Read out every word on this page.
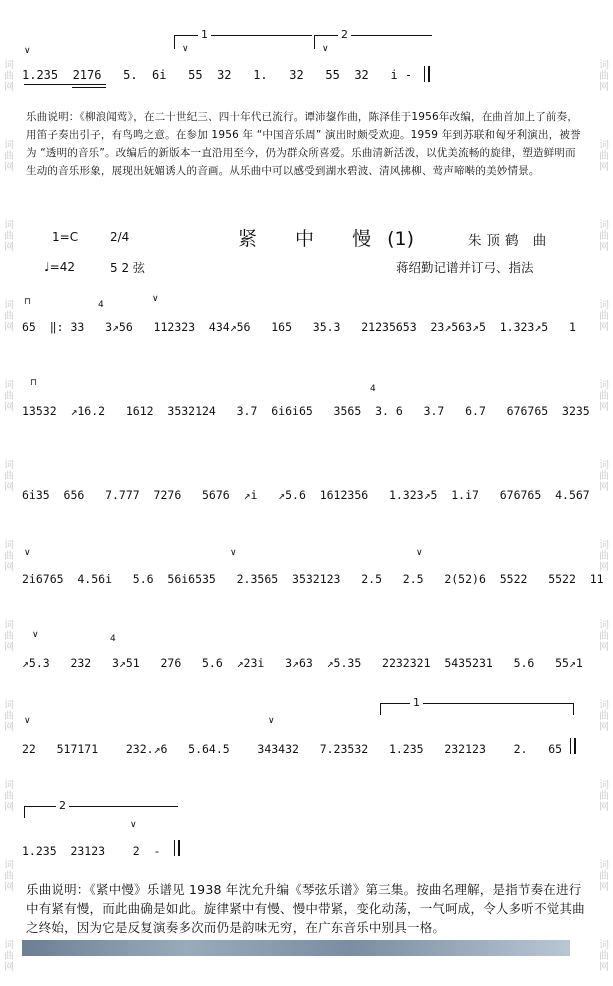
词
曲
网
词
曲
网
词
曲
网
词
曲
网
词
曲
网
词
曲
网
词
曲
网
词
曲
网
词
曲
网
词
曲
网
词
曲
网
词
曲
网
词
曲
网
词
曲
网
词
曲
网
词
曲
网
词
曲
网
词
曲
网
词
曲
网
词
曲
网
词
曲
网
词
曲
网
词
曲
网
词
曲
网
1	2
∨	∨	∨
1.235  2176   5.  6i   55  32   1.   32   55  32   i -
乐曲说明：《柳浪闻莺》，在二十世纪三、四十年代已流行。谭沛鋆作曲，陈泽佳于1956年改编，在曲首加上了前奏，用笛子奏出引子，有鸟鸣之意。在参加 1956 年 “中国音乐周” 演出时颇受欢迎。1959 年到苏联和匈牙利演出，被誉为 “透明的音乐”。改编后的新版本一直沿用至今，仍为群众所喜爱。乐曲清新活泼，以优美流畅的旋律，塑造鲜明而生动的音乐形象，展现出妩媚诱人的音画。从乐曲中可以感受到湖水碧波、清风拂柳、莺声啼啭的美妙情景。
1=C	2/4	紧 中 慢(1)	朱顶鹤 曲
♩=42	5 2 弦	蒋绍勤记谱并订弓、指法
⊓	4
∨
65  ‖: 33   3↗56   112323  434↗56   165   35.3   21235653  23↗563↗5  1.323↗5   1
⊓
4
13532  ↗16.2   1612  3532124   3.7  6i6i65   3565  3. 6   3.7   6.7   676765  3235
6i35  656   7.777  7276   5676  ↗i   ↗5.6  1612356   1.323↗5  1.i7   676765  4.567
∨	∨	∨
2i6765  4.56i   5.6  56i6535   2.3565  3532123   2.5   2.5   2(52)6  5522   5522  11
∨	4
↗5.3   232   3↗51   276   5.6  ↗23i   3↗63  ↗5.35   2232321  5435231   5.6   55↗1
1
∨	∨
22   517171    232.↗6   5.64.5    343432   7.23532   1.235   232123    2.   65
2
∨
1.235  23123    2  -
乐曲说明：《紧中慢》乐谱见 1938 年沈允升编《琴弦乐谱》第三集。按曲名理解，是指节奏在进行中有紧有慢，而此曲确是如此。旋律紧中有慢、慢中带紧，变化动荡，一气呵成，令人多听不觉其曲之终始，因为它是反复演奏多次而仍是韵味无穷，在广东音乐中别具一格。
